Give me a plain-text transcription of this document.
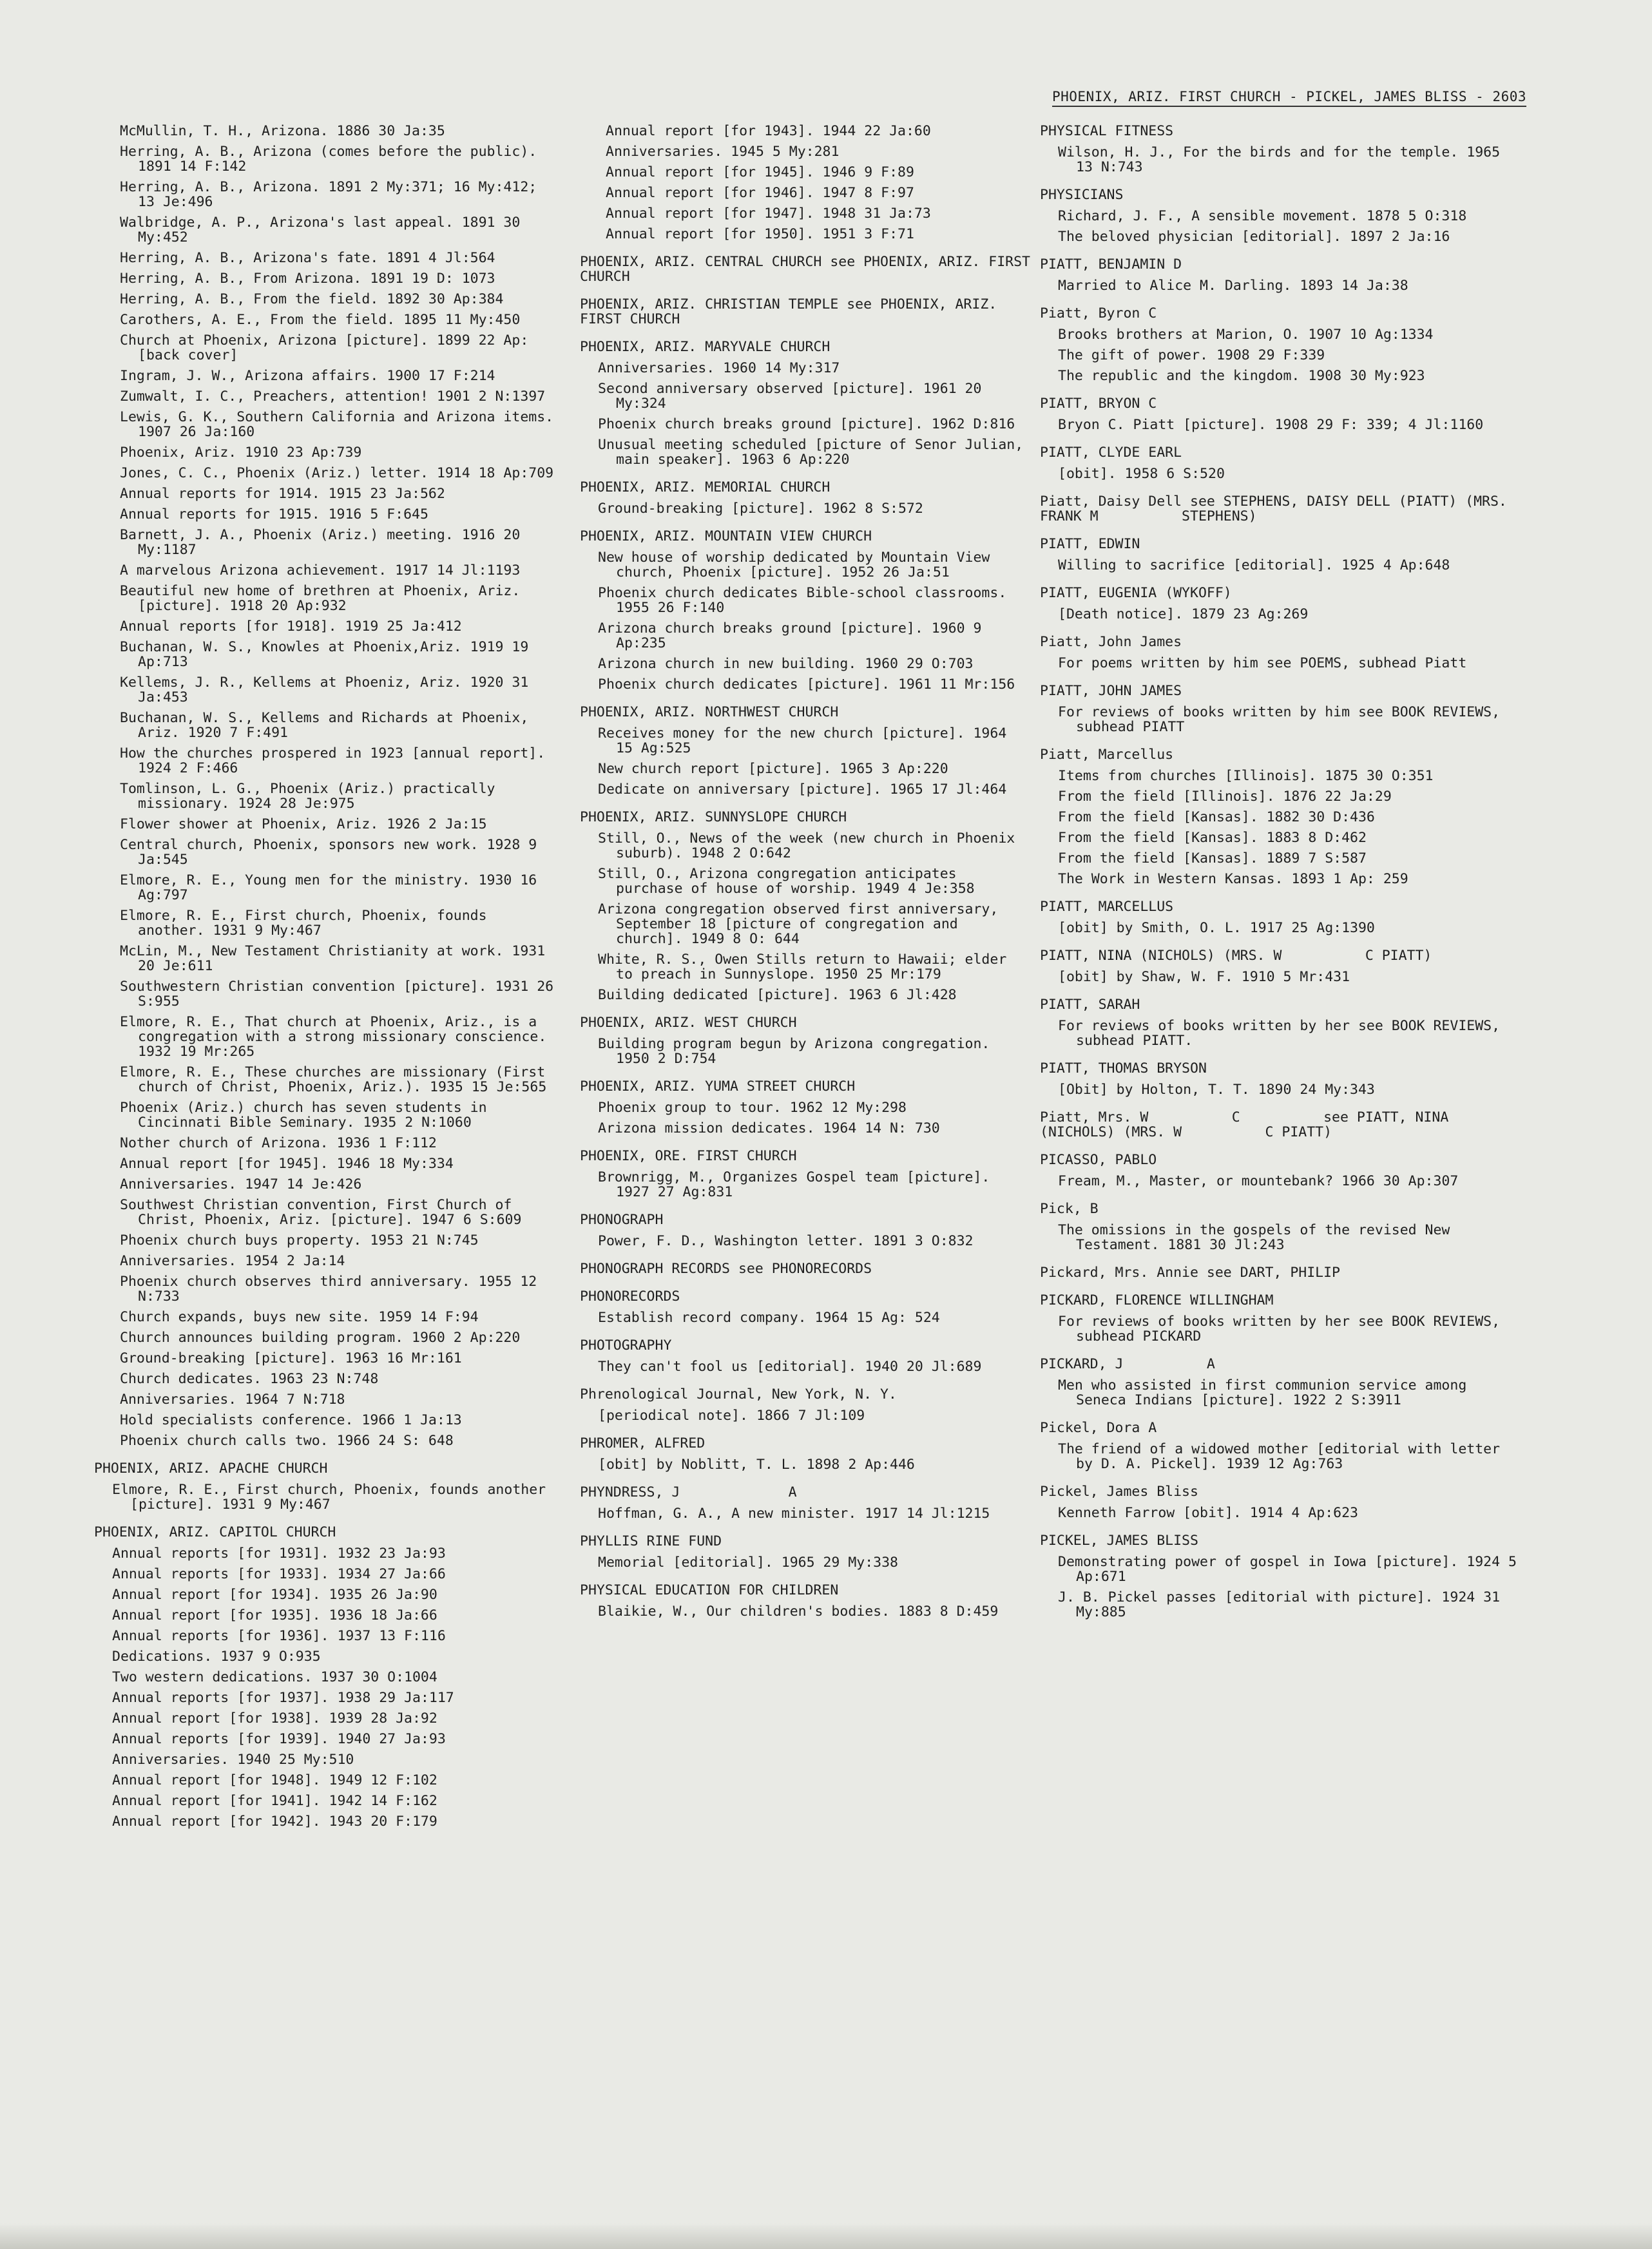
PHOENIX, ARIZ. FIRST CHURCH - PICKEL, JAMES BLISS - 2603
McMullin, T. H., Arizona. 1886 30 Ja:35
Herring, A. B., Arizona (comes before the public). 1891 14 F:142
Herring, A. B., Arizona. 1891 2 My:371; 16 My:412; 13 Je:496
Walbridge, A. P., Arizona's last appeal. 1891 30 My:452
Herring, A. B., Arizona's fate. 1891 4 Jl:564
Herring, A. B., From Arizona. 1891 19 D: 1073
Herring, A. B., From the field. 1892 30 Ap:384
Carothers, A. E., From the field. 1895 11 My:450
Church at Phoenix, Arizona [picture]. 1899 22 Ap:[back cover]
Ingram, J. W., Arizona affairs. 1900 17 F:214
Zumwalt, I. C., Preachers, attention! 1901 2 N:1397
Lewis, G. K., Southern California and Arizona items. 1907 26 Ja:160
Phoenix, Ariz. 1910 23 Ap:739
Jones, C. C., Phoenix (Ariz.) letter. 1914 18 Ap:709
Annual reports for 1914. 1915 23 Ja:562
Annual reports for 1915. 1916 5 F:645
Barnett, J. A., Phoenix (Ariz.) meeting. 1916 20 My:1187
A marvelous Arizona achievement. 1917 14 Jl:1193
Beautiful new home of brethren at Phoenix, Ariz. [picture]. 1918 20 Ap:932
Annual reports [for 1918]. 1919 25 Ja:412
Buchanan, W. S., Knowles at Phoenix,Ariz. 1919 19 Ap:713
Kellems, J. R., Kellems at Phoeniz, Ariz. 1920 31 Ja:453
Buchanan, W. S., Kellems and Richards at Phoenix, Ariz. 1920 7 F:491
How the churches prospered in 1923 [annual report]. 1924 2 F:466
Tomlinson, L. G., Phoenix (Ariz.) practically missionary. 1924 28 Je:975
Flower shower at Phoenix, Ariz. 1926 2 Ja:15
Central church, Phoenix, sponsors new work. 1928 9 Ja:545
Elmore, R. E., Young men for the ministry. 1930 16 Ag:797
Elmore, R. E., First church, Phoenix, founds another. 1931 9 My:467
McLin, M., New Testament Christianity at work. 1931 20 Je:611
Southwestern Christian convention [picture]. 1931 26 S:955
Elmore, R. E., That church at Phoenix, Ariz., is a congregation with a strong missionary conscience. 1932 19 Mr:265
Elmore, R. E., These churches are missionary (First church of Christ, Phoenix, Ariz.). 1935 15 Je:565
Phoenix (Ariz.) church has seven students in Cincinnati Bible Seminary. 1935 2 N:1060
Nother church of Arizona. 1936 1 F:112
Annual report [for 1945]. 1946 18 My:334
Anniversaries. 1947 14 Je:426
Southwest Christian convention, First Church of Christ, Phoenix, Ariz. [picture]. 1947 6 S:609
Phoenix church buys property. 1953 21 N:745
Anniversaries. 1954 2 Ja:14
Phoenix church observes third anniversary. 1955 12 N:733
Church expands, buys new site. 1959 14 F:94
Church announces building program. 1960 2 Ap:220
Ground-breaking [picture]. 1963 16 Mr:161
Church dedicates. 1963 23 N:748
Anniversaries. 1964 7 N:718
Hold specialists conference. 1966 1 Ja:13
Phoenix church calls two. 1966 24 S: 648
PHOENIX, ARIZ. APACHE CHURCH
Elmore, R. E., First church, Phoenix, founds another [picture]. 1931 9 My:467
PHOENIX, ARIZ. CAPITOL CHURCH
Annual reports [for 1931]. 1932 23 Ja:93
Annual reports [for 1933]. 1934 27 Ja:66
Annual report [for 1934]. 1935 26 Ja:90
Annual report [for 1935]. 1936 18 Ja:66
Annual reports [for 1936]. 1937 13 F:116
Dedications. 1937 9 O:935
Two western dedications. 1937 30 O:1004
Annual reports [for 1937]. 1938 29 Ja:117
Annual report [for 1938]. 1939 28 Ja:92
Annual reports [for 1939]. 1940 27 Ja:93
Anniversaries. 1940 25 My:510
Annual report [for 1948]. 1949 12 F:102
Annual report [for 1941]. 1942 14 F:162
Annual report [for 1942]. 1943 20 F:179
Annual report [for 1943]. 1944 22 Ja:60
Anniversaries. 1945 5 My:281
Annual report [for 1945]. 1946 9 F:89
Annual report [for 1946]. 1947 8 F:97
Annual report [for 1947]. 1948 31 Ja:73
Annual report [for 1950]. 1951 3 F:71
PHOENIX, ARIZ. CENTRAL CHURCH see PHOENIX, ARIZ. FIRST CHURCH
PHOENIX, ARIZ. CHRISTIAN TEMPLE see PHOENIX, ARIZ. FIRST CHURCH
PHOENIX, ARIZ. MARYVALE CHURCH
Anniversaries. 1960 14 My:317
Second anniversary observed [picture]. 1961 20 My:324
Phoenix church breaks ground [picture]. 1962 D:816
Unusual meeting scheduled [picture of Senor Julian, main speaker]. 1963 6 Ap:220
PHOENIX, ARIZ. MEMORIAL CHURCH
Ground-breaking [picture]. 1962 8 S:572
PHOENIX, ARIZ. MOUNTAIN VIEW CHURCH
New house of worship dedicated by Mountain View church, Phoenix [picture]. 1952 26 Ja:51
Phoenix church dedicates Bible-school classrooms. 1955 26 F:140
Arizona church breaks ground [picture]. 1960 9 Ap:235
Arizona church in new building. 1960 29 O:703
Phoenix church dedicates [picture]. 1961 11 Mr:156
PHOENIX, ARIZ. NORTHWEST CHURCH
Receives money for the new church [picture]. 1964 15 Ag:525
New church report [picture]. 1965 3 Ap:220
Dedicate on anniversary [picture]. 1965 17 Jl:464
PHOENIX, ARIZ. SUNNYSLOPE CHURCH
Still, O., News of the week (new church in Phoenix suburb). 1948 2 O:642
Still, O., Arizona congregation anticipates purchase of house of worship. 1949 4 Je:358
Arizona congregation observed first anniversary, September 18 [picture of congregation and church]. 1949 8 O: 644
White, R. S., Owen Stills return to Hawaii; elder to preach in Sunnyslope. 1950 25 Mr:179
Building dedicated [picture]. 1963 6 Jl:428
PHOENIX, ARIZ. WEST CHURCH
Building program begun by Arizona congregation. 1950 2 D:754
PHOENIX, ARIZ. YUMA STREET CHURCH
Phoenix group to tour. 1962 12 My:298
Arizona mission dedicates. 1964 14 N: 730
PHOENIX, ORE. FIRST CHURCH
Brownrigg, M., Organizes Gospel team [picture]. 1927 27 Ag:831
PHONOGRAPH
Power, F. D., Washington letter. 1891 3 O:832
PHONOGRAPH RECORDS see PHONORECORDS
PHONORECORDS
Establish record company. 1964 15 Ag: 524
PHOTOGRAPHY
They can't fool us [editorial]. 1940 20 Jl:689
Phrenological Journal, New York, N. Y.
[periodical note]. 1866 7 Jl:109
PHROMER, ALFRED
[obit] by Noblitt, T. L. 1898 2 Ap:446
PHYNDRESS, J             A
Hoffman, G. A., A new minister. 1917 14 Jl:1215
PHYLLIS RINE FUND
Memorial [editorial]. 1965 29 My:338
PHYSICAL EDUCATION FOR CHILDREN
Blaikie, W., Our children's bodies. 1883 8 D:459
PHYSICAL FITNESS
Wilson, H. J., For the birds and for the temple. 1965 13 N:743
PHYSICIANS
Richard, J. F., A sensible movement. 1878 5 O:318
The beloved physician [editorial]. 1897 2 Ja:16
PIATT, BENJAMIN D
Married to Alice M. Darling. 1893 14 Ja:38
Piatt, Byron C
Brooks brothers at Marion, O. 1907 10 Ag:1334
The gift of power. 1908 29 F:339
The republic and the kingdom. 1908 30 My:923
PIATT, BRYON C
Bryon C. Piatt [picture]. 1908 29 F: 339; 4 Jl:1160
PIATT, CLYDE EARL
[obit]. 1958 6 S:520
Piatt, Daisy Dell see STEPHENS, DAISY DELL (PIATT) (MRS. FRANK M          STEPHENS)
PIATT, EDWIN
Willing to sacrifice [editorial]. 1925 4 Ap:648
PIATT, EUGENIA (WYKOFF)
[Death notice]. 1879 23 Ag:269
Piatt, John James
For poems written by him see POEMS, subhead Piatt
PIATT, JOHN JAMES
For reviews of books written by him see BOOK REVIEWS, subhead PIATT
Piatt, Marcellus
Items from churches [Illinois]. 1875 30 O:351
From the field [Illinois]. 1876 22 Ja:29
From the field [Kansas]. 1882 30 D:436
From the field [Kansas]. 1883 8 D:462
From the field [Kansas]. 1889 7 S:587
The Work in Western Kansas. 1893 1 Ap: 259
PIATT, MARCELLUS
[obit] by Smith, O. L. 1917 25 Ag:1390
PIATT, NINA (NICHOLS) (MRS. W          C PIATT)
[obit] by Shaw, W. F. 1910 5 Mr:431
PIATT, SARAH
For reviews of books written by her see BOOK REVIEWS, subhead PIATT.
PIATT, THOMAS BRYSON
[Obit] by Holton, T. T. 1890 24 My:343
Piatt, Mrs. W          C          see PIATT, NINA (NICHOLS) (MRS. W          C PIATT)
PICASSO, PABLO
Fream, M., Master, or mountebank? 1966 30 Ap:307
Pick, B
The omissions in the gospels of the revised New Testament. 1881 30 Jl:243
Pickard, Mrs. Annie see DART, PHILIP
PICKARD, FLORENCE WILLINGHAM
For reviews of books written by her see BOOK REVIEWS, subhead PICKARD
PICKARD, J          A
Men who assisted in first communion service among Seneca Indians [picture]. 1922 2 S:3911
Pickel, Dora A
The friend of a widowed mother [editorial with letter by D. A. Pickel]. 1939 12 Ag:763
Pickel, James Bliss
Kenneth Farrow [obit]. 1914 4 Ap:623
PICKEL, JAMES BLISS
Demonstrating power of gospel in Iowa [picture]. 1924 5 Ap:671
J. B. Pickel passes [editorial with picture]. 1924 31 My:885
